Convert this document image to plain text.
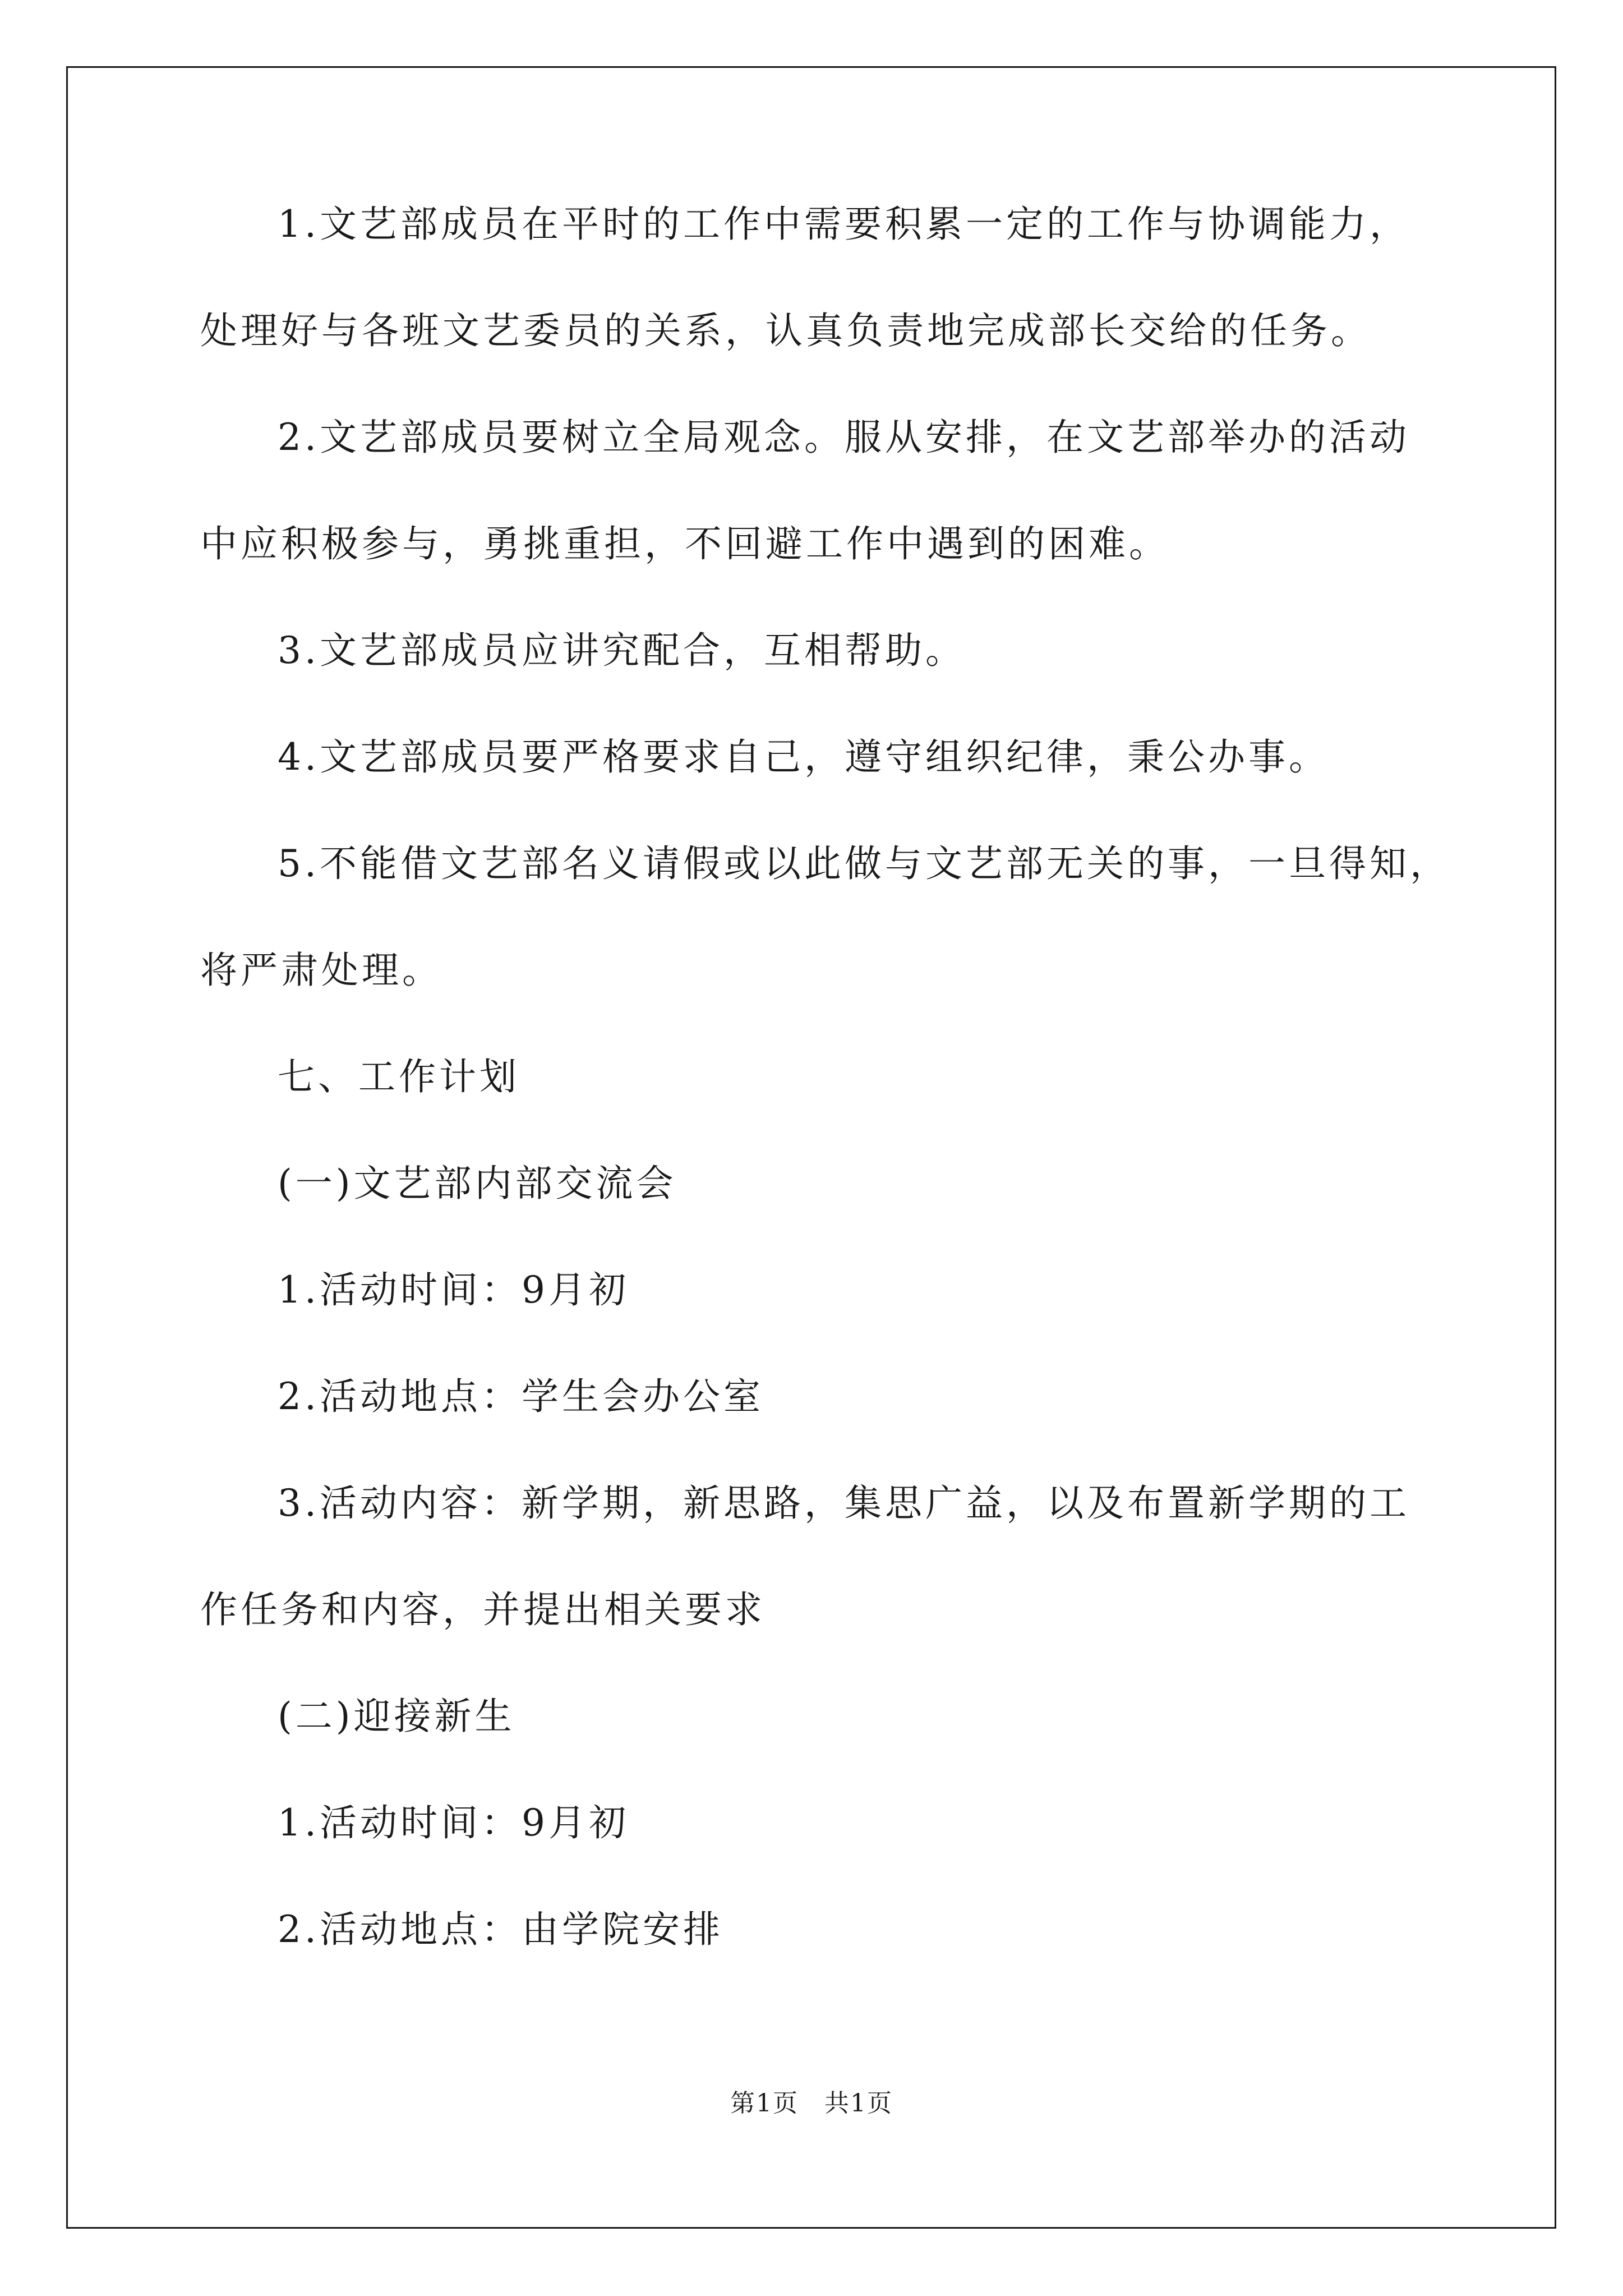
1.文艺部成员在平时的工作中需要积累一定的工作与协调能力，
处理好与各班文艺委员的关系，认真负责地完成部长交给的任务。
2.文艺部成员要树立全局观念。服从安排，在文艺部举办的活动
中应积极参与，勇挑重担，不回避工作中遇到的困难。
3.文艺部成员应讲究配合，互相帮助。
4.文艺部成员要严格要求自己，遵守组织纪律，秉公办事。
5.不能借文艺部名义请假或以此做与文艺部无关的事，一旦得知，
将严肃处理。
七、工作计划
(一)文艺部内部交流会
1.活动时间：9月初
2.活动地点：学生会办公室
3.活动内容：新学期，新思路，集思广益，以及布置新学期的工
作任务和内容，并提出相关要求
(二)迎接新生
1.活动时间：9月初
2.活动地点：由学院安排
第1页　共1页
